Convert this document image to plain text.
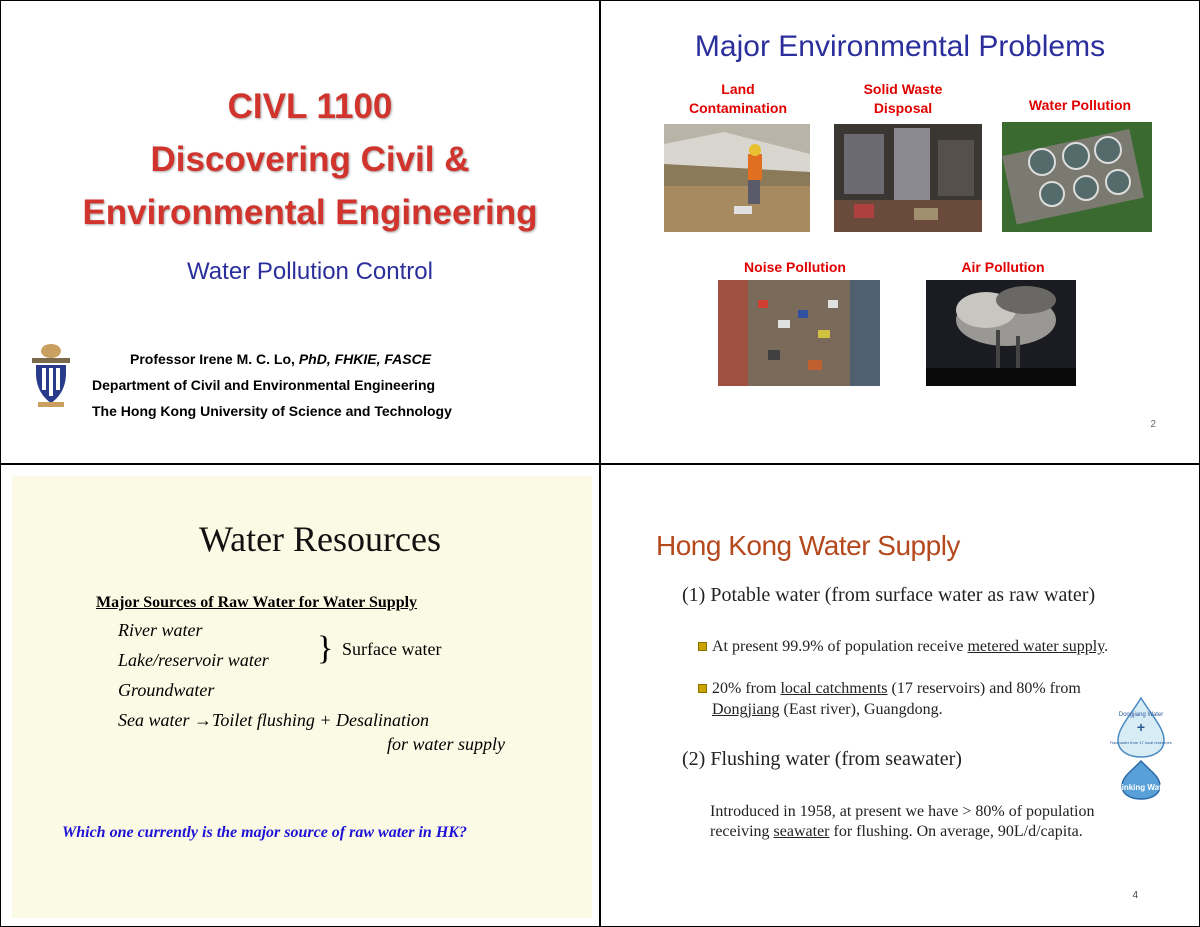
CIVL 1100
Discovering Civil &
Environmental Engineering
Water Pollution Control
Professor Irene M. C. Lo, PhD, FHKIE, FASCE
Department of Civil and Environmental Engineering
The Hong Kong University of Science and Technology
Major Environmental Problems
Land
Contamination
Solid Waste
Disposal	Water Pollution
Noise Pollution	Air Pollution
2
Water Resources
Major Sources of Raw Water for Water Supply
River water
Lake/reservoir water } Surface water
Groundwater
Sea water →Toilet flushing + Desalination
for water supply
Which one currently is the major source of raw water in HK?
Hong Kong Water Supply
(1) Potable water (from surface water as raw water)
At present 99.9% of population receive metered water supply.
20% from local catchments (17 reservoirs) and 80% from Dongjiang (East river), Guangdong.
(2) Flushing water (from seawater)
Introduced in 1958, at present we have > 80% of population receiving seawater for flushing. On average, 90L/d/capita.
Dongjiang Water
+
Raw water from 17 local reservoirs
Drinking Water
4
